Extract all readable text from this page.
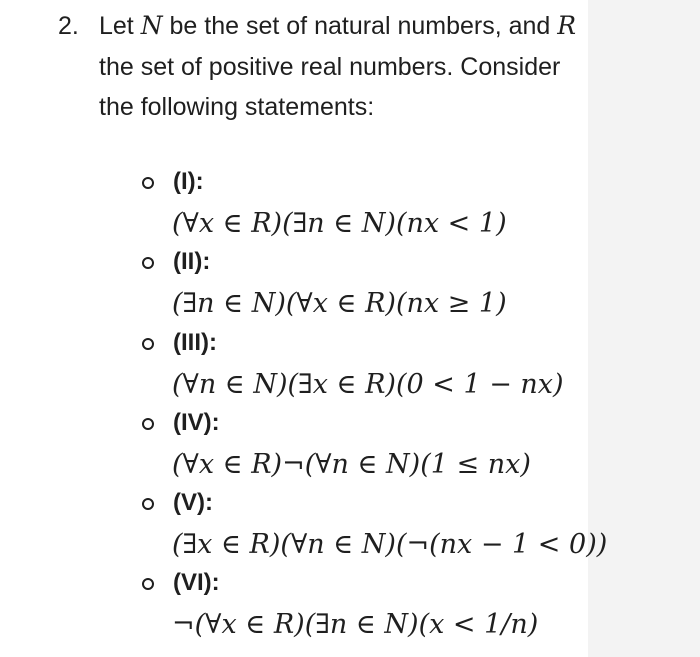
2. Let N be the set of natural numbers, and R the set of positive real numbers. Consider the following statements:
(I):
(∀x ∈ R)(∃n ∈ N)(nx < 1)
(II):
(∃n ∈ N)(∀x ∈ R)(nx ≥ 1)
(III):
(∀n ∈ N)(∃x ∈ R)(0 < 1 − nx)
(IV):
(∀x ∈ R)¬(∀n ∈ N)(1 ≤ nx)
(V):
(∃x ∈ R)(∀n ∈ N)(¬(nx − 1 < 0))
(VI):
¬(∀x ∈ R)(∃n ∈ N)(x < 1/n)
